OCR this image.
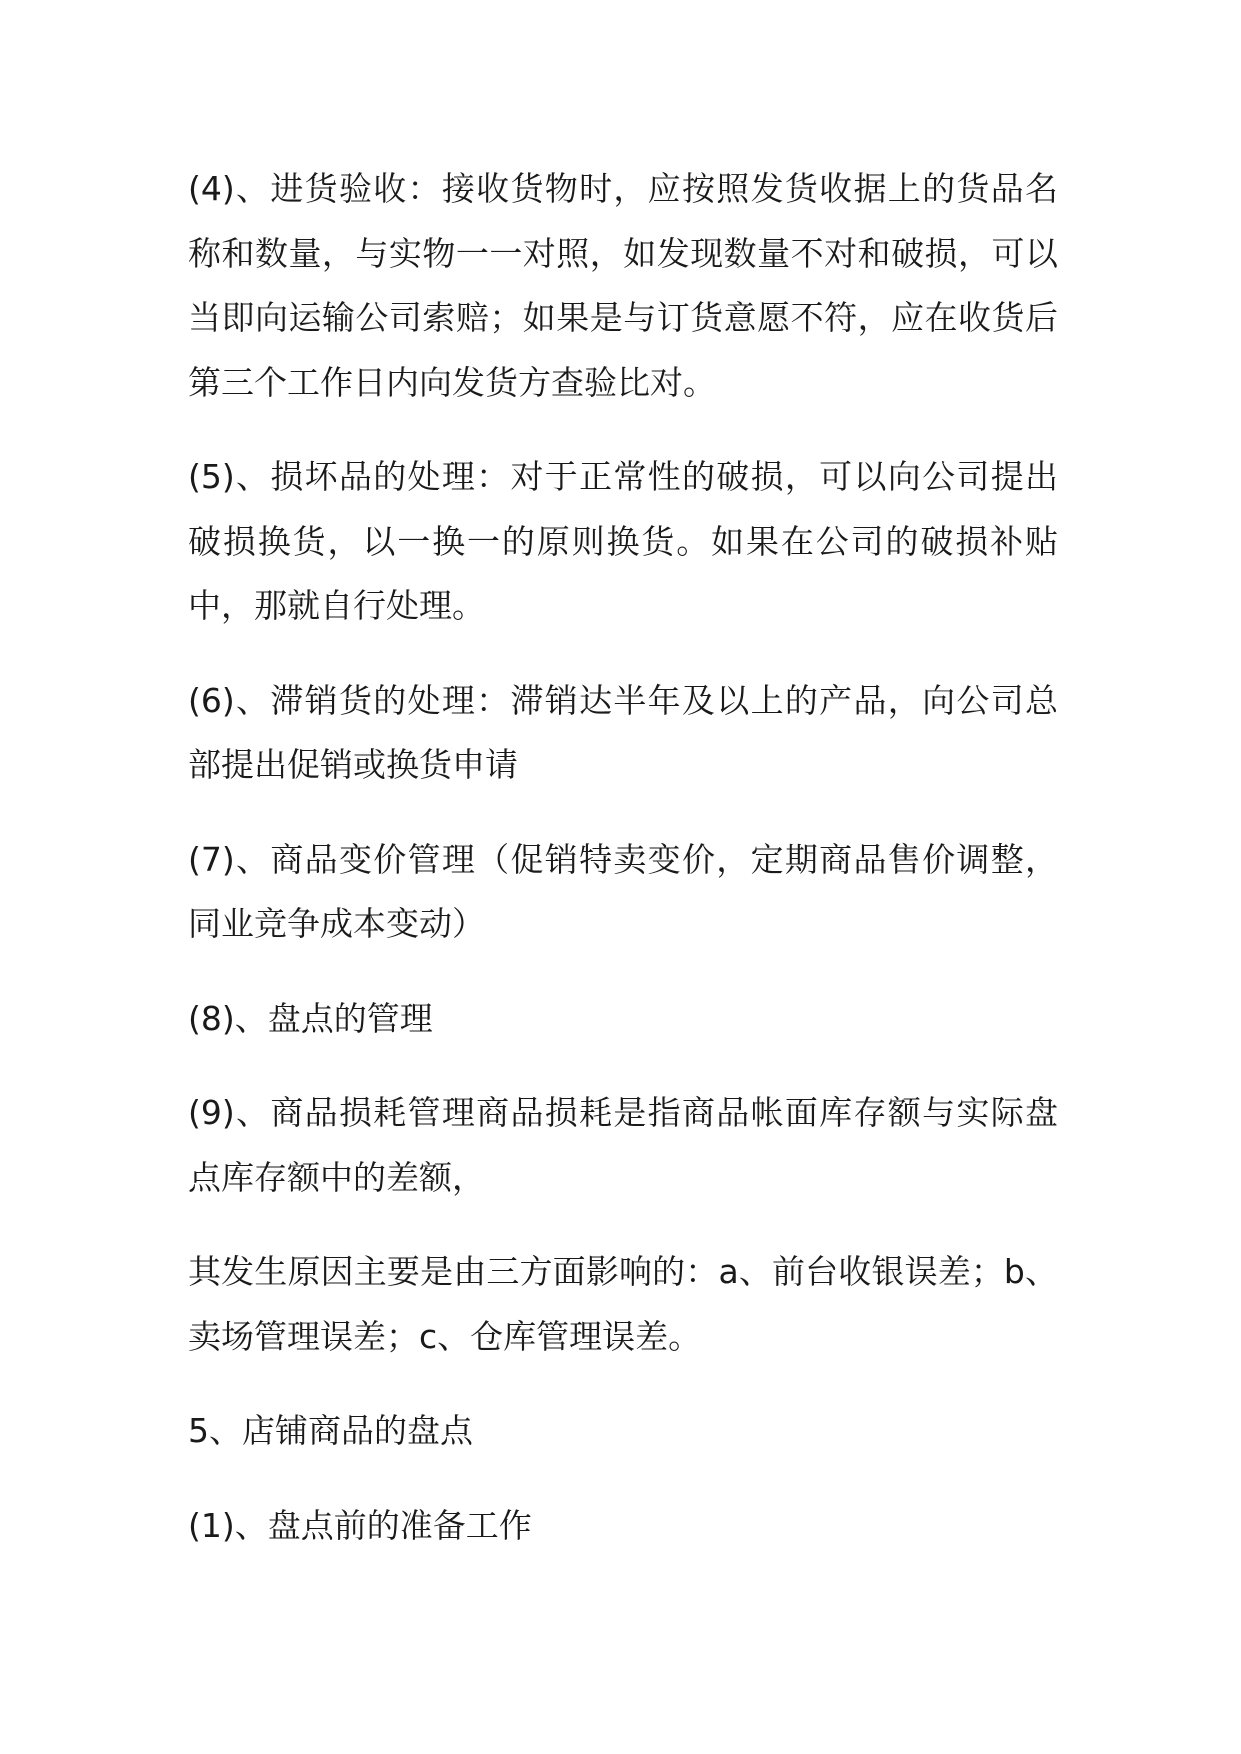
(4)、进货验收：接收货物时，应按照发货收据上的货品名称和数量，与实物一一对照，如发现数量不对和破损，可以当即向运输公司索赔；如果是与订货意愿不符，应在收货后第三个工作日内向发货方查验比对。

(5)、损坏品的处理：对于正常性的破损，可以向公司提出破损换货，以一换一的原则换货。如果在公司的破损补贴中，那就自行处理。

(6)、滞销货的处理：滞销达半年及以上的产品，向公司总部提出促销或换货申请

(7)、商品变价管理（促销特卖变价，定期商品售价调整，同业竞争成本变动）

(8)、盘点的管理

(9)、商品损耗管理商品损耗是指商品帐面库存额与实际盘点库存额中的差额，

其发生原因主要是由三方面影响的：a、前台收银误差；b、卖场管理误差；c、仓库管理误差。

5、店铺商品的盘点

(1)、盘点前的准备工作
